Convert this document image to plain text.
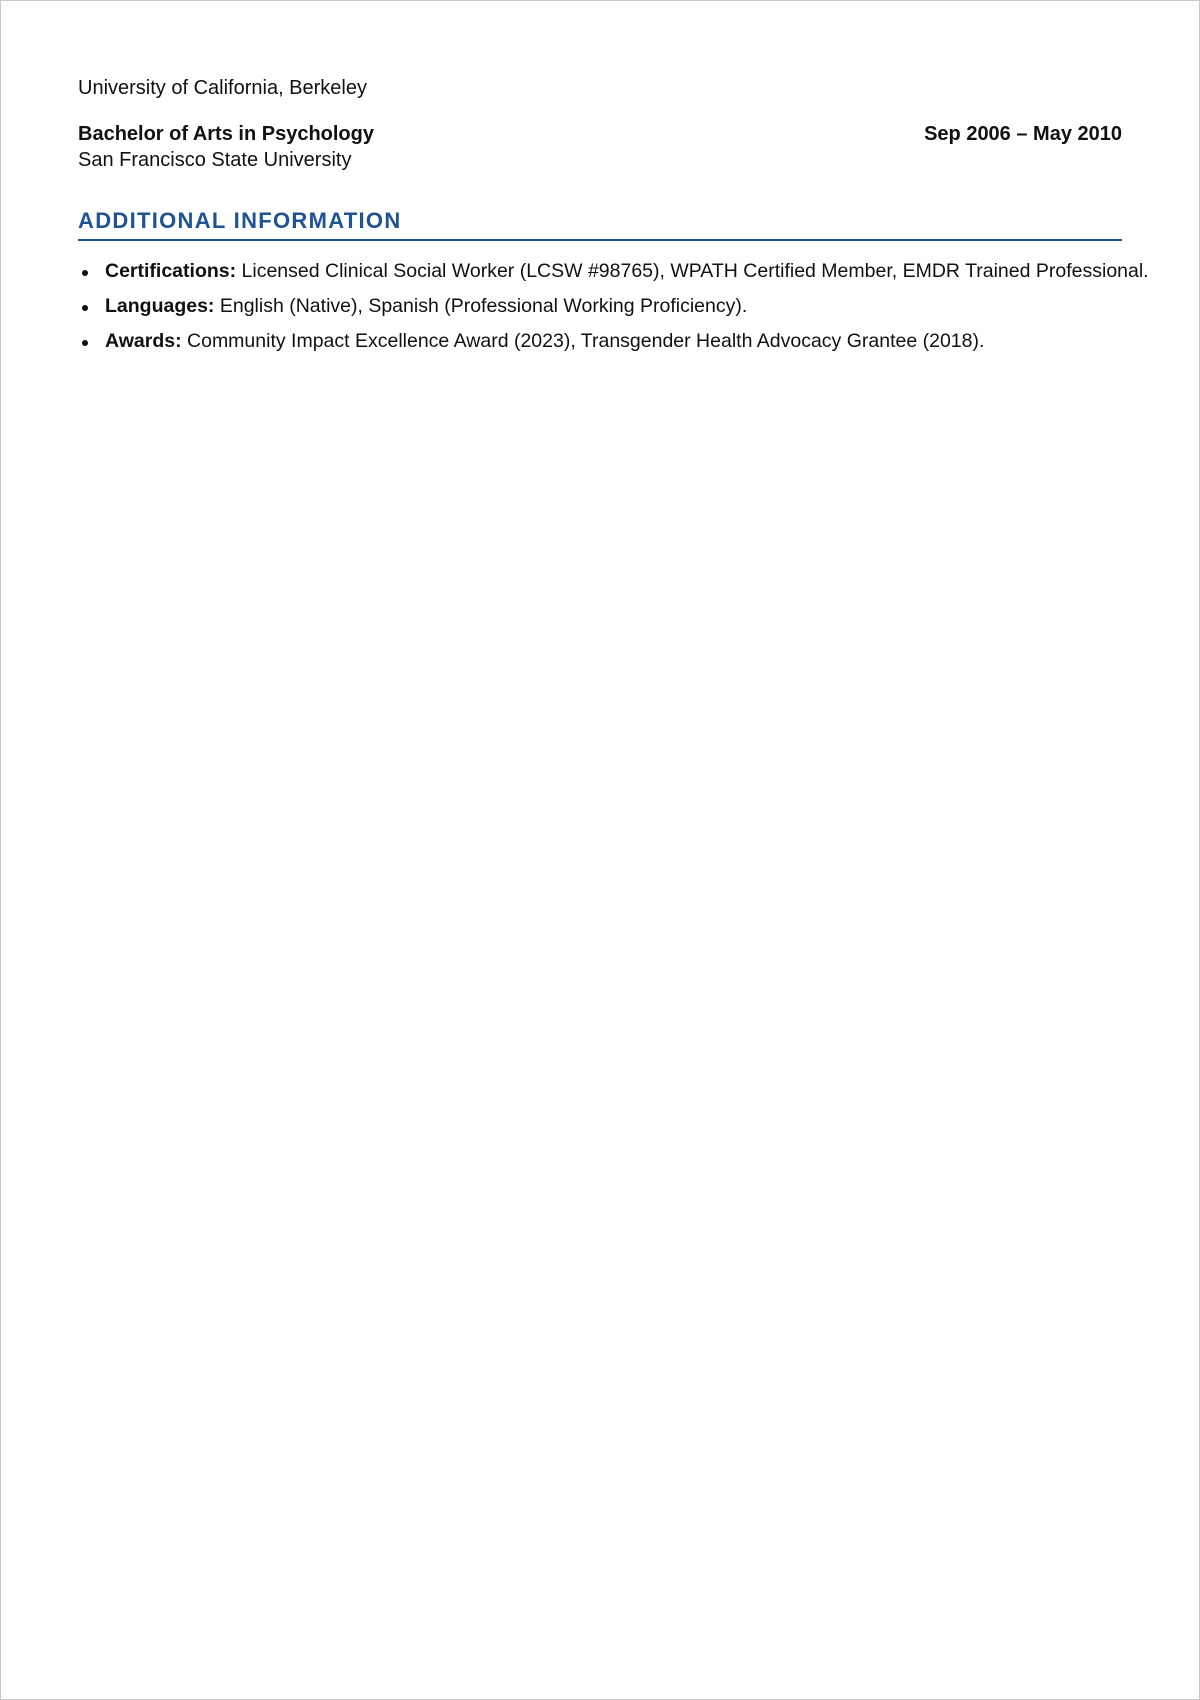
University of California, Berkeley

Bachelor of Arts in Psychology	Sep 2006 – May 2010
San Francisco State University
ADDITIONAL INFORMATION
Certifications: Licensed Clinical Social Worker (LCSW #98765), WPATH Certified Member, EMDR Trained Professional.
Languages: English (Native), Spanish (Professional Working Proficiency).
Awards: Community Impact Excellence Award (2023), Transgender Health Advocacy Grantee (2018).
